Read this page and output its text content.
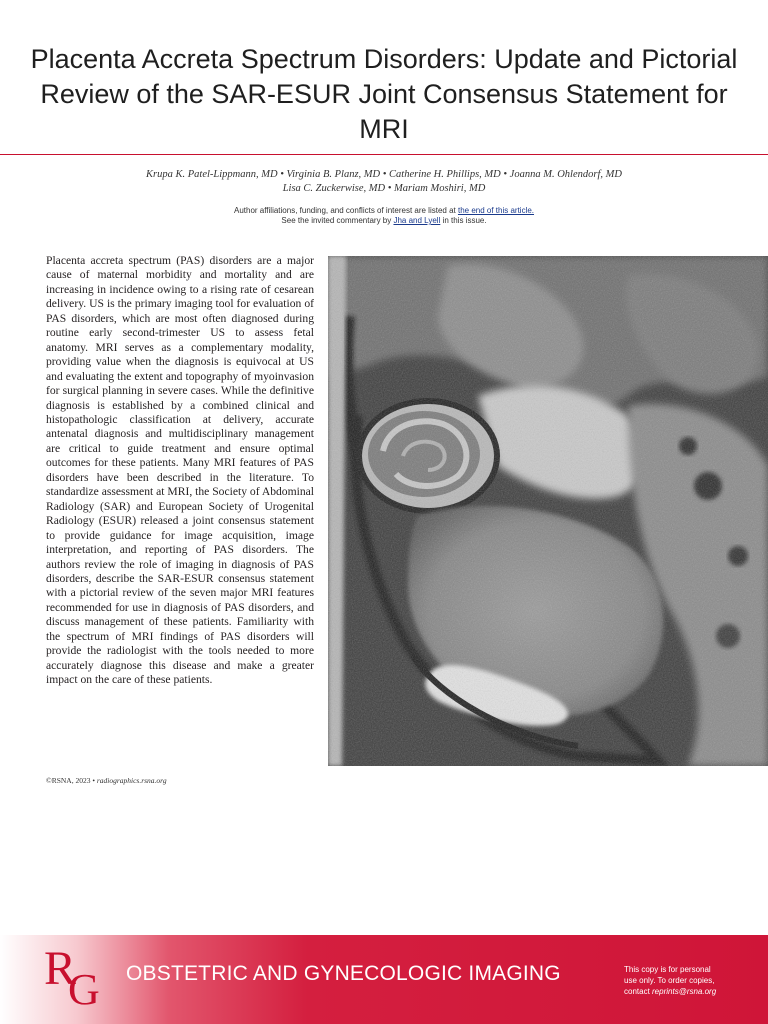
Placenta Accreta Spectrum Disorders: Update and Pictorial Review of the SAR-ESUR Joint Consensus Statement for MRI
Krupa K. Patel-Lippmann, MD • Virginia B. Planz, MD • Catherine H. Phillips, MD • Joanna M. Ohlendorf, MD
Lisa C. Zuckerwise, MD • Mariam Moshiri, MD
Author affiliations, funding, and conflicts of interest are listed at the end of this article.
See the invited commentary by Jha and Lyell in this issue.
Placenta accreta spectrum (PAS) disorders are a major cause of maternal morbidity and mortality and are increasing in incidence owing to a rising rate of cesarean delivery. US is the primary imaging tool for evaluation of PAS disorders, which are most often diagnosed during routine early second-trimester US to assess fetal anatomy. MRI serves as a complementary modality, providing value when the diagnosis is equivocal at US and evaluating the extent and topography of myoinvasion for surgical planning in severe cases. While the definitive diagnosis is established by a combined clinical and histopathologic classification at delivery, accurate antenatal diagnosis and multidisciplinary management are critical to guide treatment and ensure optimal outcomes for these patients. Many MRI features of PAS disorders have been described in the literature. To standardize assessment at MRI, the Society of Abdominal Radiology (SAR) and European Society of Urogenital Radiology (ESUR) released a joint consensus statement to provide guidance for image acquisition, image interpretation, and reporting of PAS disorders. The authors review the role of imaging in diagnosis of PAS disorders, describe the SAR-ESUR consensus statement with a pictorial review of the seven major MRI features recommended for use in diagnosis of PAS disorders, and discuss management of these patients. Familiarity with the spectrum of MRI findings of PAS disorders will provide the radiologist with the tools needed to more accurately diagnose this disease and make a greater impact on the care of these patients.
©RSNA, 2023 • radiographics.rsna.org
R
G OBSTETRIC AND GYNECOLOGIC IMAGING	This copy is for personal
use only. To order copies,
contact reprints@rsna.org
